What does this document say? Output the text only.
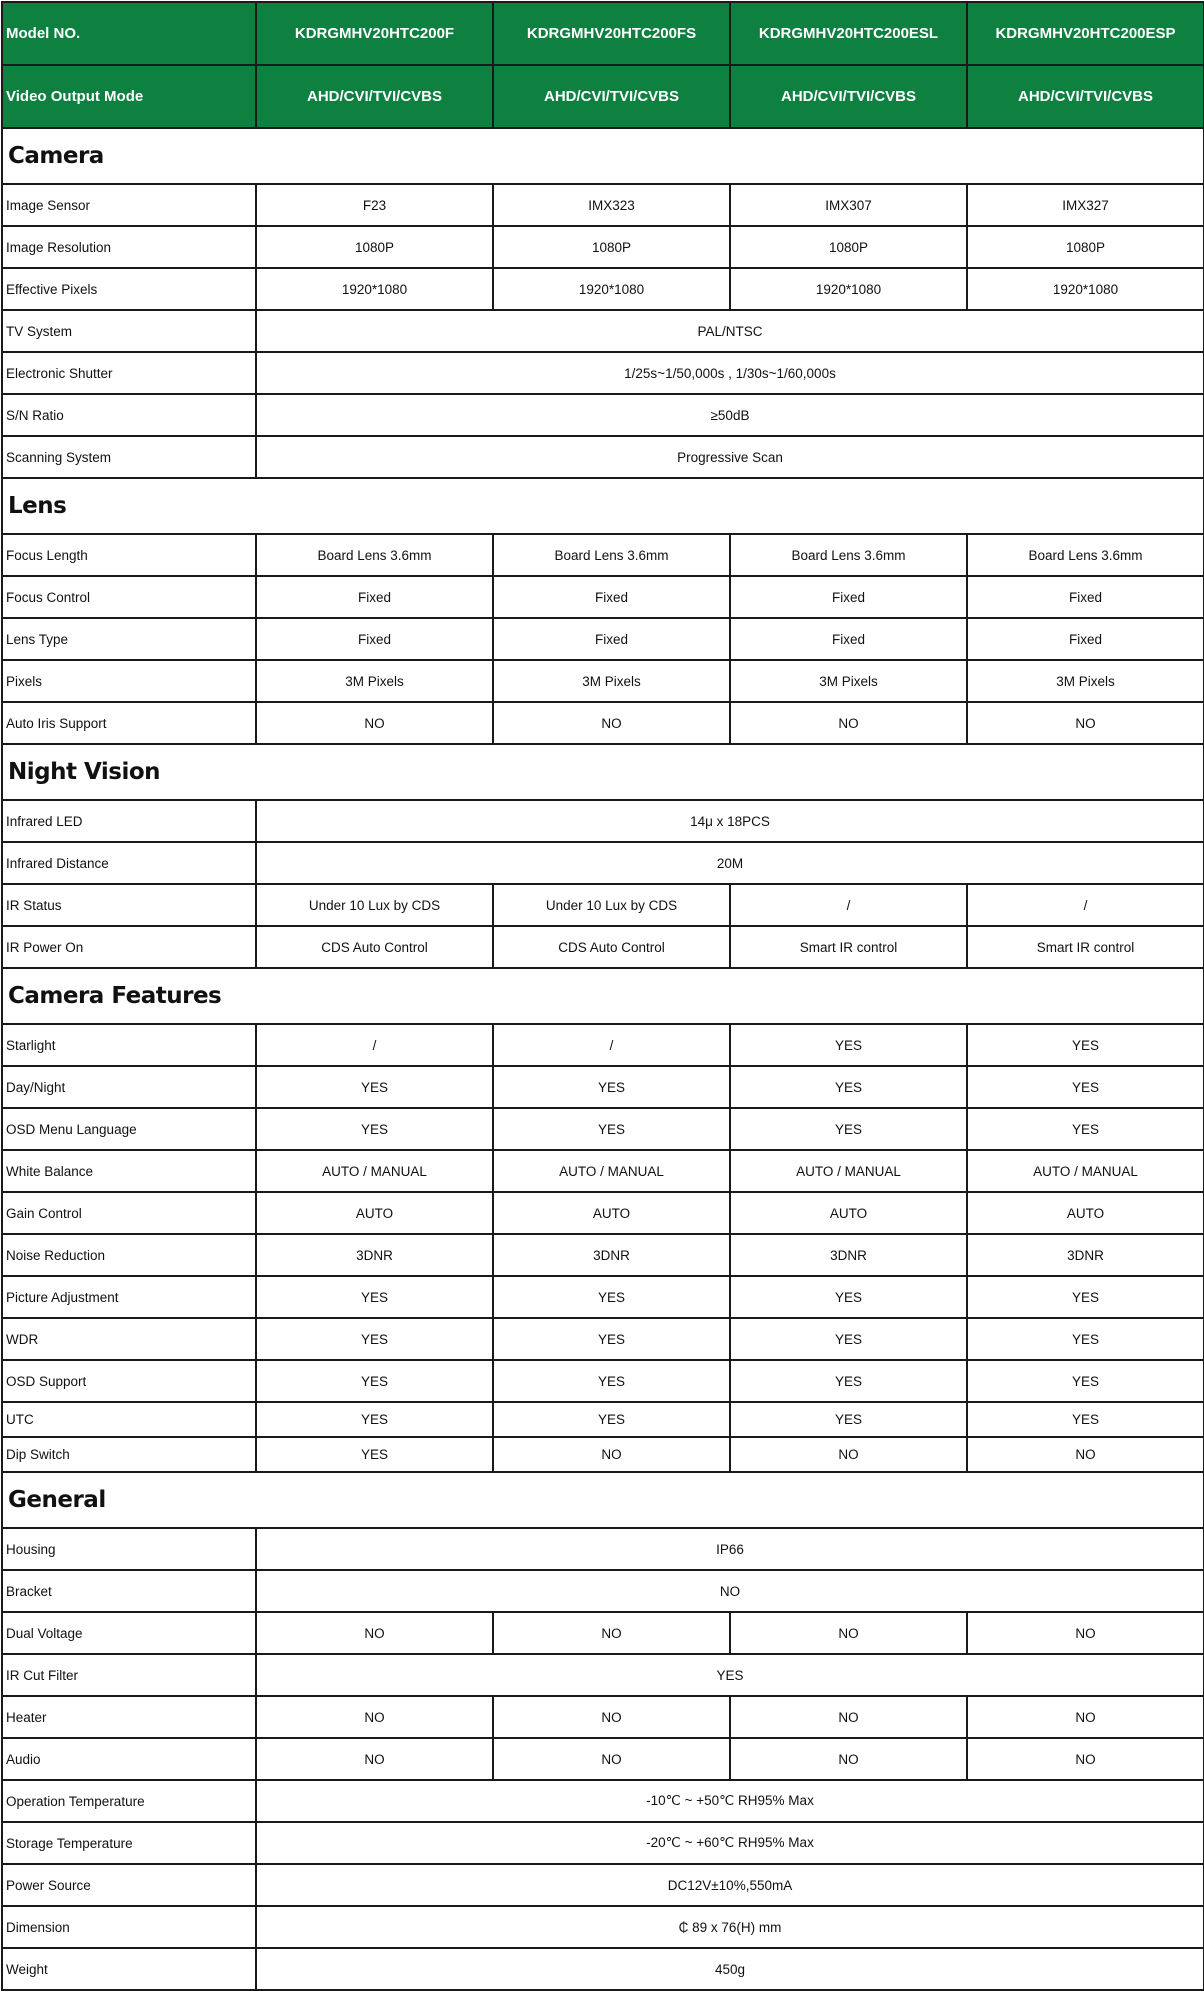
Model NO.	KDRGMHV20HTC200F	KDRGMHV20HTC200FS	KDRGMHV20HTC200ESL	KDRGMHV20HTC200ESP
Video Output Mode	AHD/CVI/TVI/CVBS	AHD/CVI/TVI/CVBS	AHD/CVI/TVI/CVBS	AHD/CVI/TVI/CVBS
Camera				
Image Sensor	F23	IMX323	IMX307	IMX327
Image Resolution	1080P	1080P	1080P	1080P
Effective Pixels	1920*1080	1920*1080	1920*1080	1920*1080
TV System	PAL/NTSC			
Electronic Shutter	1/25s~1/50,000s , 1/30s~1/60,000s			
S/N Ratio	≥50dB			
Scanning System	Progressive Scan			
Lens				
Focus Length	Board Lens 3.6mm	Board Lens 3.6mm	Board Lens 3.6mm	Board Lens 3.6mm
Focus Control	Fixed	Fixed	Fixed	Fixed
Lens Type	Fixed	Fixed	Fixed	Fixed
Pixels	3M Pixels	3M Pixels	3M Pixels	3M Pixels
Auto Iris Support	NO	NO	NO	NO
Night Vision				
Infrared LED	14μ x 18PCS			
Infrared Distance	20M			
IR Status	Under 10 Lux by CDS	Under 10 Lux by CDS	/	/
IR Power On	CDS Auto Control	CDS Auto Control	Smart IR control	Smart IR control
Camera Features				
Starlight	/	/	YES	YES
Day/Night	YES	YES	YES	YES
OSD Menu Language	YES	YES	YES	YES
White Balance	AUTO / MANUAL	AUTO / MANUAL	AUTO / MANUAL	AUTO / MANUAL
Gain Control	AUTO	AUTO	AUTO	AUTO
Noise Reduction	3DNR	3DNR	3DNR	3DNR
Picture Adjustment	YES	YES	YES	YES
WDR	YES	YES	YES	YES
OSD Support	YES	YES	YES	YES
UTC	YES	YES	YES	YES
Dip Switch	YES	NO	NO	NO
General				
Housing	IP66			
Bracket	NO			
Dual Voltage	NO	NO	NO	NO
IR Cut Filter	YES			
Heater	NO	NO	NO	NO
Audio	NO	NO	NO	NO
Operation Temperature	-10℃ ~ +50℃ RH95% Max			
Storage Temperature	-20℃ ~ +60℃ RH95% Max			
Power Source	DC12V±10%,550mA			
Dimension	₵ 89 x 76(H) mm			
Weight	450g			
